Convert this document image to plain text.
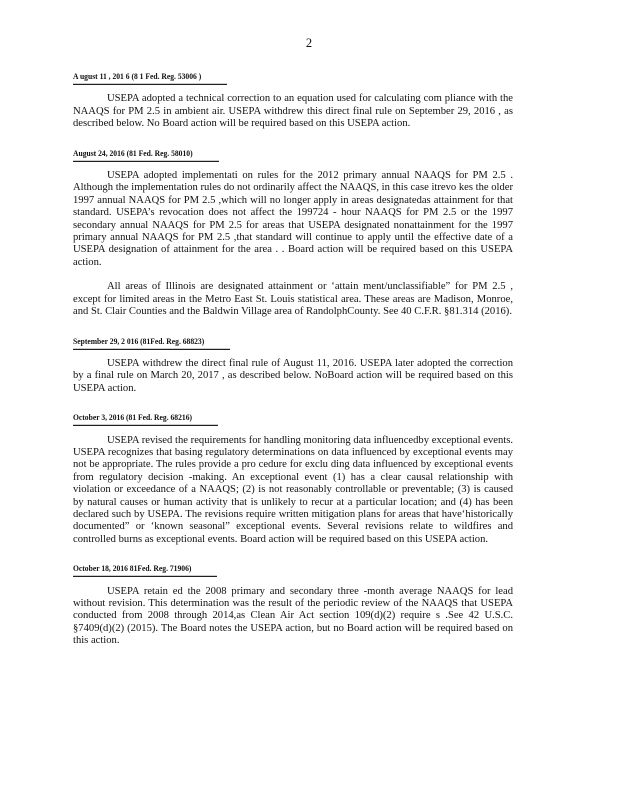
2
A ugust 11 , 201 6 (8 1 Fed. Reg. 53006 )

USEPA adopted a technical correction to an equation used for calculating com pliance with the NAAQS for PM 2.5 in ambient air. USEPA withdrew this direct final rule on September 29, 2016 , as described below. No Board action will be required based on this USEPA action.

August 24, 2016 (81 Fed. Reg. 58010)

USEPA adopted implementati on rules for the 2012 primary annual NAAQS for PM 2.5 . Although the implementation rules do not ordinarily affect the NAAQS, in this case itrevo kes the older 1997 annual NAAQS for PM 2.5 ,which will no longer apply in areas designatedas attainment for that standard. USEPA’s revocation does not affect the 199724 - hour NAAQS for PM 2.5 or the 1997 secondary annual NAAQS for PM 2.5 for areas that USEPA designated nonattainment for the 1997 primary annual NAAQS for PM 2.5 ,that standard will continue to apply until the effective date of a USEPA designation of attainment for the area . . Board action will be required based on this USEPA action.

All areas of Illinois are designated attainment or ‘attain ment/unclassifiable” for PM 2.5 , except for limited areas in the Metro East St. Louis statistical area. These areas are Madison, Monroe, and St. Clair Counties and the Baldwin Village area of RandolphCounty. See 40 C.F.R. §81.314 (2016).

September 29, 2 016 (81Fed. Reg. 68823)

USEPA withdrew the direct final rule of August 11, 2016. USEPA later adopted the correction by a final rule on March 20, 2017 , as described below. NoBoard action will be required based on this USEPA action.

October 3, 2016 (81 Fed. Reg. 68216)

USEPA revised the requirements for handling monitoring data influencedby exceptional events. USEPA recognizes that basing regulatory determinations on data influenced by exceptional events may not be appropriate. The rules provide a pro cedure for exclu ding data influenced by exceptional events from regulatory decision -making. An exceptional event (1) has a clear causal relationship with violation or exceedance of a NAAQS; (2) is not reasonably controllable or preventable; (3) is caused by natural causes or human activity that is unlikely to recur at a particular location; and (4) has been declared such by USEPA. The revisions require written mitigation plans for areas that have‘historically documented” or ‘known seasonal” exceptional events. Several revisions relate to wildfires and controlled burns as exceptional events. Board action will be required based on this USEPA action.

October 18, 2016 81Fed. Reg. 71906)

USEPA retain ed the 2008 primary and secondary three -month average NAAQS for lead without revision. This determination was the result of the periodic review of the NAAQS that USEPA conducted from 2008 through 2014,as Clean Air Act section 109(d)(2) require s .See 42 U.S.C. §7409(d)(2) (2015). The Board notes the USEPA action, but no Board action will be required based on this action.
